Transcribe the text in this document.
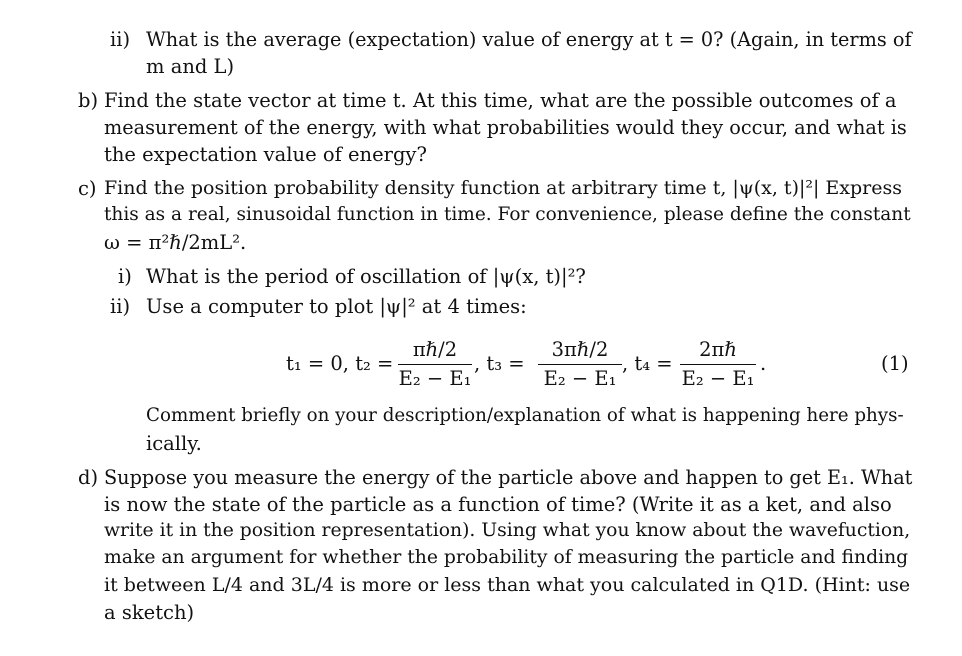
ii) What is the average (expectation) value of energy at t = 0? (Again, in terms of
m and L)
b) Find the state vector at time t. At this time, what are the possible outcomes of a
measurement of the energy, with what probabilities would they occur, and what is
the expectation value of energy?
c) Find the position probability density function at arbitrary time t, |ψ(x, t)|²| Express
this as a real, sinusoidal function in time. For convenience, please define the constant
ω = π²ℏ/2mL².
i) What is the period of oscillation of |ψ(x, t)|²?
ii) Use a computer to plot |ψ|² at 4 times:
t₁ = 0, t₂ =
πℏ/2
E₂ − E₁
, t₃ =
3πℏ/2
E₂ − E₁
, t₄ =
2πℏ
E₂ − E₁
.	(1)
Comment briefly on your description/explanation of what is happening here phys-
ically.
d) Suppose you measure the energy of the particle above and happen to get E₁. What
is now the state of the particle as a function of time? (Write it as a ket, and also
write it in the position representation). Using what you know about the wavefuction,
make an argument for whether the probability of measuring the particle and finding
it between L/4 and 3L/4 is more or less than what you calculated in Q1D. (Hint: use
a sketch)
